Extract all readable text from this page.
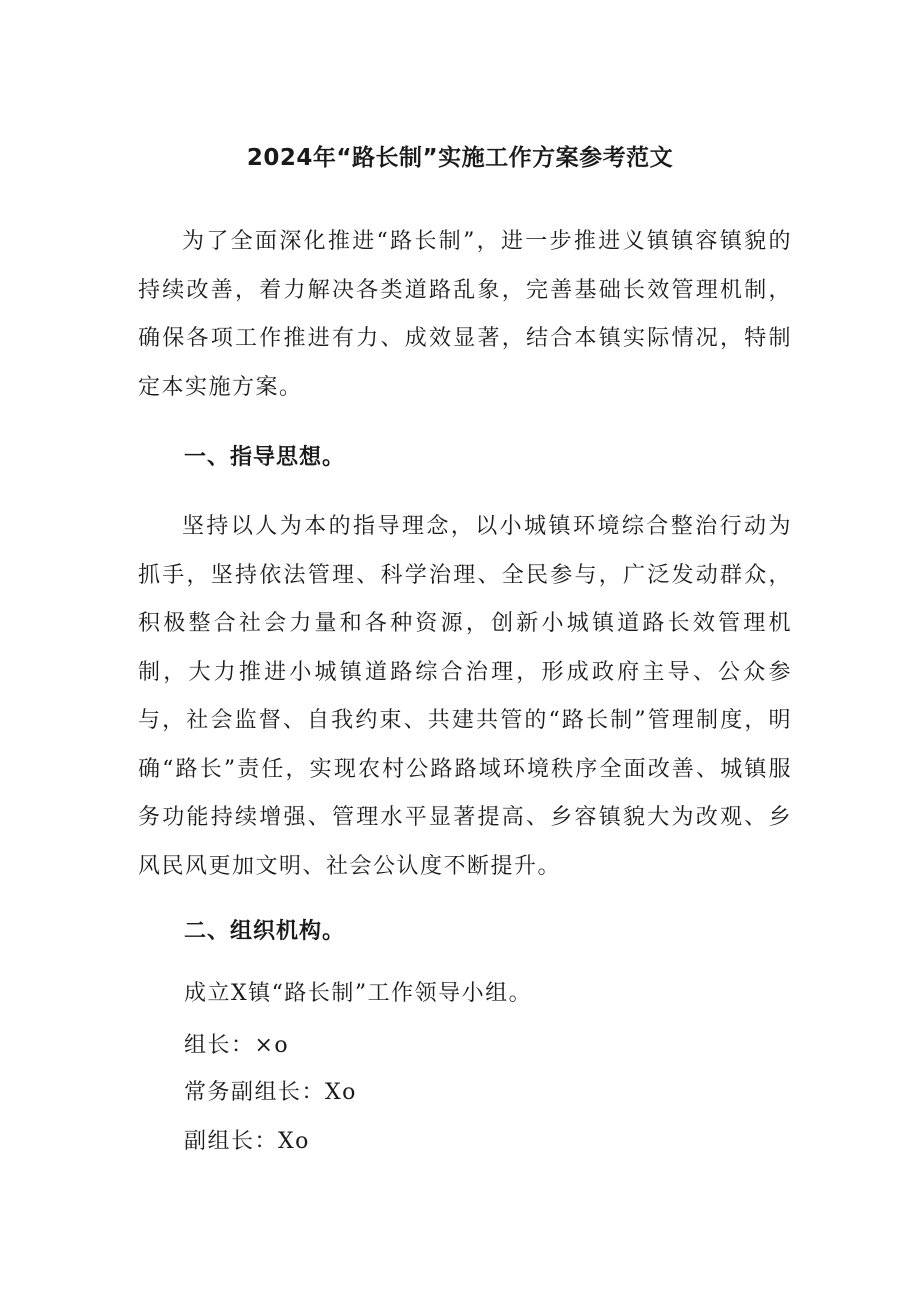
2024年“路长制”实施工作方案参考范文

为了全面深化推进“路长制”，进一步推进义镇镇容镇貌的持续改善，着力解决各类道路乱象，完善基础长效管理机制，确保各项工作推进有力、成效显著，结合本镇实际情况，特制定本实施方案。

一、指导思想。

坚持以人为本的指导理念，以小城镇环境综合整治行动为抓手，坚持依法管理、科学治理、全民参与，广泛发动群众，积极整合社会力量和各种资源，创新小城镇道路长效管理机制，大力推进小城镇道路综合治理，形成政府主导、公众参与，社会监督、自我约束、共建共管的“路长制”管理制度，明确“路长”责任，实现农村公路路域环境秩序全面改善、城镇服务功能持续增强、管理水平显著提高、乡容镇貌大为改观、乡风民风更加文明、社会公认度不断提升。

二、组织机构。
成立X镇“路长制”工作领导小组。
组长：×o
常务副组长：Xo
副组长：Xo
